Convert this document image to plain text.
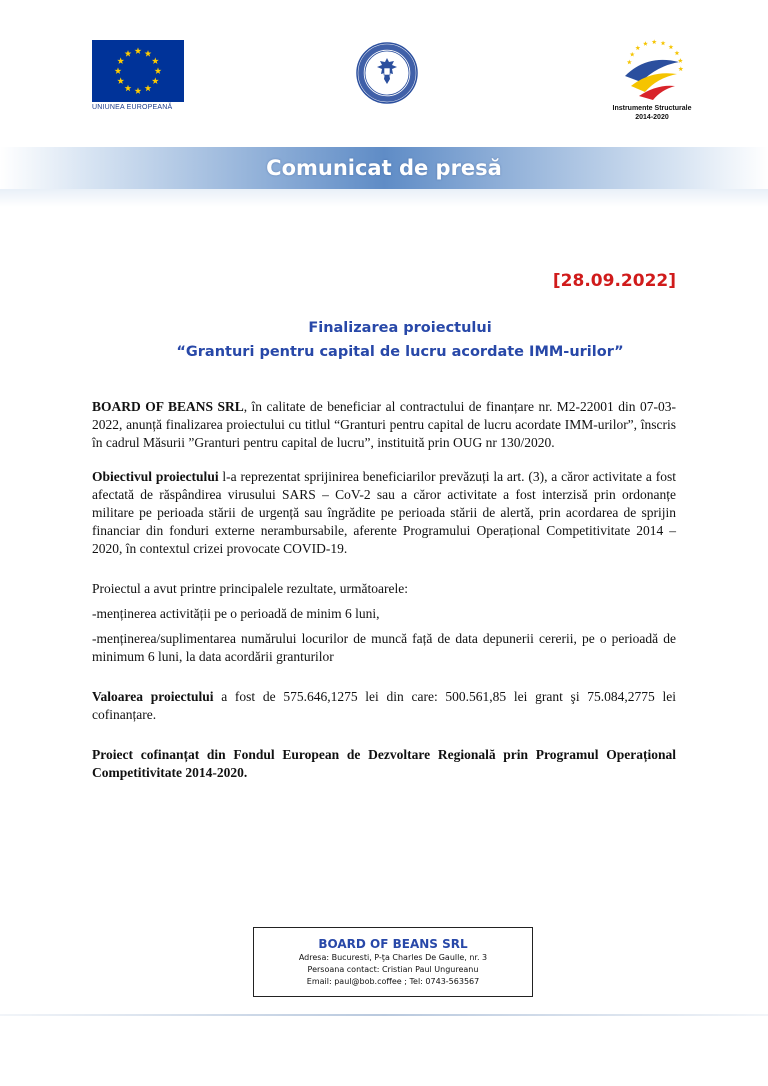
UNIUNEA EUROPEANĂ	Instrumente Structurale
2014-2020
Comunicat de presă
[28.09.2022]
Finalizarea proiectului
“Granturi pentru capital de lucru acordate IMM-urilor”

BOARD OF BEANS SRL, în calitate de beneficiar al contractului de finanțare nr. M2-22001 din 07-03-2022, anunță finalizarea proiectului cu titlul “Granturi pentru capital de lucru acordate IMM-urilor”, înscris în cadrul Măsurii ”Granturi pentru capital de lucru”, instituită prin OUG nr 130/2020.

Obiectivul proiectului l-a reprezentat sprijinirea beneficiarilor prevăzuți la art. (3), a căror activitate a fost afectată de răspândirea virusului SARS – CoV-2 sau a căror activitate a fost interzisă prin ordonanțe militare pe perioada stării de urgență sau îngrădite pe perioada stării de alertă, prin acordarea de sprijin financiar din fonduri externe nerambursabile, aferente Programului Operațional Competitivitate 2014 – 2020, în contextul crizei provocate COVID-19.

Proiectul a avut printre principalele rezultate, următoarele:

-menținerea activității pe o perioadă de minim 6 luni,

-menținerea/suplimentarea numărului locurilor de muncă față de data depunerii cererii, pe o perioadă de minimum 6 luni, la data acordării granturilor

Valoarea proiectului a fost de 575.646,1275 lei din care: 500.561,85 lei grant şi 75.084,2775 lei cofinanțare.

Proiect cofinanțat din Fondul European de Dezvoltare Regională prin Programul Operațional Competitivitate 2014-2020.

BOARD OF BEANS SRL
Adresa: Bucuresti, P-ţa Charles De Gaulle, nr. 3
Persoana contact: Cristian Paul Ungureanu
Email: paul@bob.coffee ; Tel: 0743-563567
